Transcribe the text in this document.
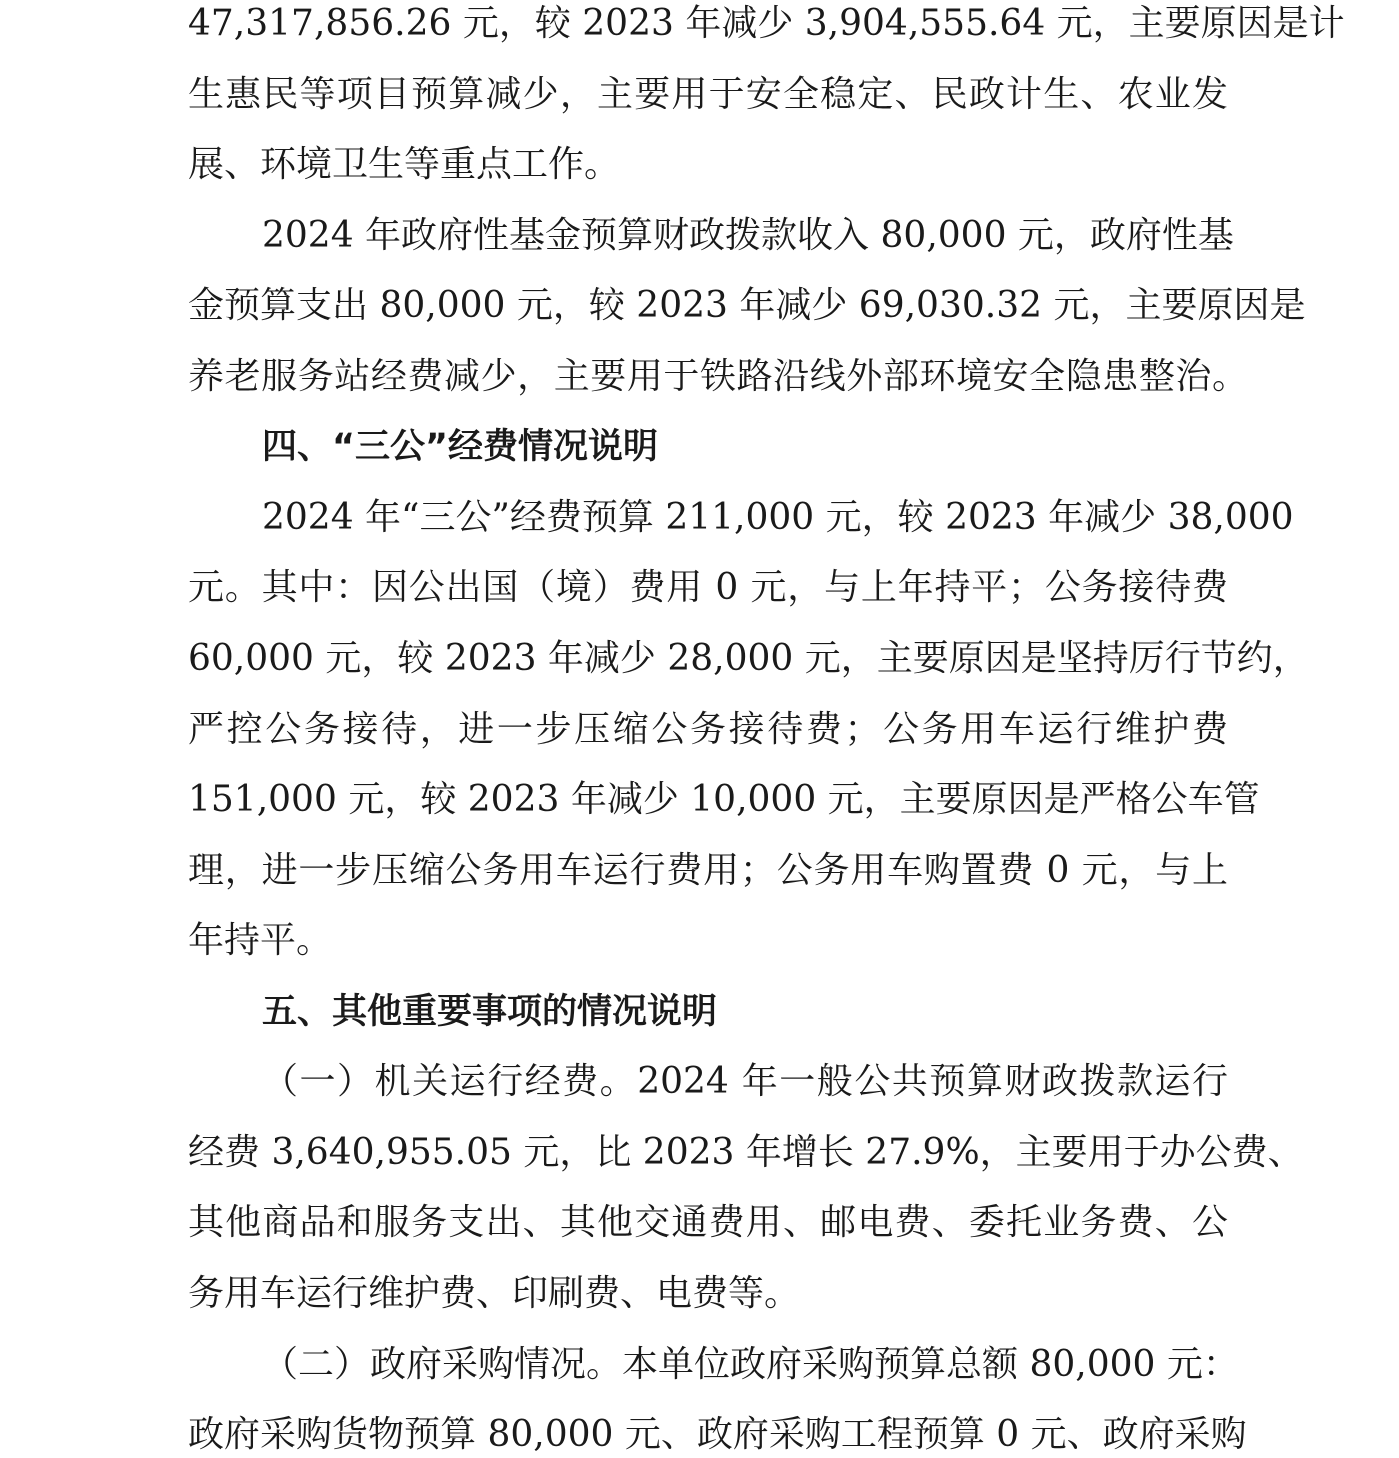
47,317,856.26 元，较 2023 年减少 3,904,555.64 元，主要原因是计
生惠民等项目预算减少，主要用于安全稳定、民政计生、农业发
展、环境卫生等重点工作。
2024 年政府性基金预算财政拨款收入 80,000 元，政府性基
金预算支出 80,000 元，较 2023 年减少 69,030.32 元，主要原因是
养老服务站经费减少，主要用于铁路沿线外部环境安全隐患整治。
四、“三公”经费情况说明
2024 年“三公”经费预算 211,000 元，较 2023 年减少 38,000
元。其中：因公出国（境）费用 0 元，与上年持平；公务接待费
60,000 元，较 2023 年减少 28,000 元，主要原因是坚持厉行节约，
严控公务接待，进一步压缩公务接待费；公务用车运行维护费
151,000 元，较 2023 年减少 10,000 元，主要原因是严格公车管
理，进一步压缩公务用车运行费用；公务用车购置费 0 元，与上
年持平。
五、其他重要事项的情况说明
（一）机关运行经费。2024 年一般公共预算财政拨款运行
经费 3,640,955.05 元，比 2023 年增长 27.9%，主要用于办公费、
其他商品和服务支出、其他交通费用、邮电费、委托业务费、公
务用车运行维护费、印刷费、电费等。
（二）政府采购情况。本单位政府采购预算总额 80,000 元：
政府采购货物预算 80,000 元、政府采购工程预算 0 元、政府采购
